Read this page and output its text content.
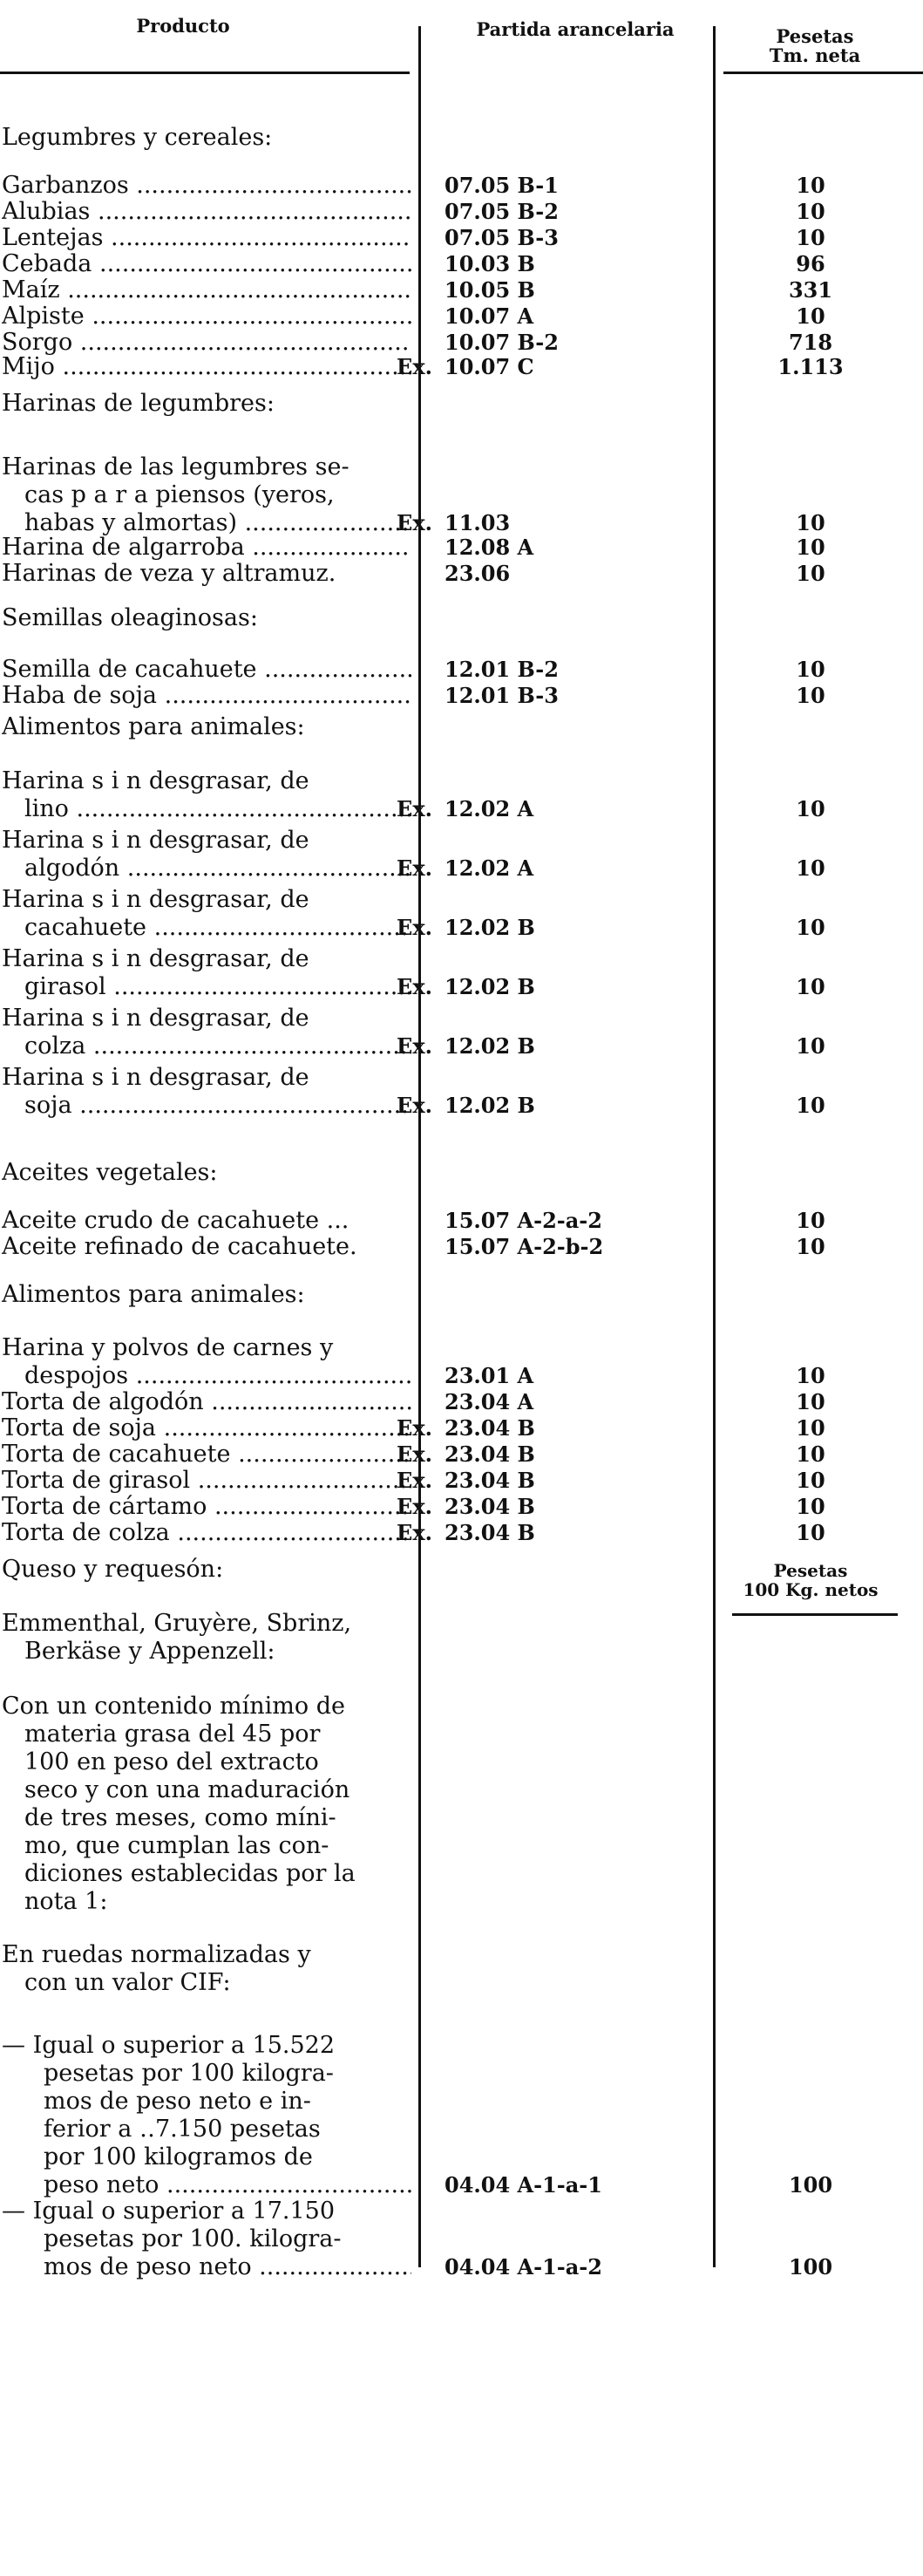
Producto	Partida arancelaria	Pesetas
Tm. neta
Legumbres y cereales:
Harinas de legumbres:
Semillas oleaginosas:
Alimentos para animales:
Aceites vegetales:
Alimentos para animales:
Queso y requesón:
Garbanzos .....	07.05 B-1	10
Alubias .....	07.05 B-2	10
Lentejas .....	07.05 B-3	10
Cebada .....	10.03 B	96
Maíz .....	10.05 B	331
Alpiste .....	10.07 A	10
Sorgo .....	10.07 B-2	718
Mijo .....	Ex. 10.07 C	1.113
Harinas de las legumbres se-
cas p a r a piensos (yeros,
habas y almortas) .....	Ex. 11.03	10
Harina de algarroba .....	12.08 A	10
Harinas de veza y altramuz.	23.06	10
Semilla de cacahuete .....	12.01 B-2	10
Haba de soja .....	12.01 B-3	10
Harina s i n desgrasar, de
lino .....	Ex. 12.02 A	10
Harina s i n desgrasar, de
algodón .....	Ex. 12.02 A	10
Harina s i n desgrasar, de
cacahuete .....	Ex. 12.02 B	10
Harina s i n desgrasar, de
girasol .....	Ex. 12.02 B	10
Harina s i n desgrasar, de
colza .....	Ex. 12.02 B	10
Harina s i n desgrasar, de
soja .....	Ex. 12.02 B	10
Aceite crudo de cacahuete ...	15.07 A-2-a-2	10
Aceite refinado de cacahuete.	15.07 A-2-b-2	10
Harina y polvos de carnes y
despojos .....	23.01 A	10
Torta de algodón .....	23.04 A	10
Torta de soja .....	Ex. 23.04 B	10
Torta de cacahuete .....	Ex. 23.04 B	10
Torta de girasol .....	Ex. 23.04 B	10
Torta de cártamo .....	Ex. 23.04 B	10
Torta de colza .....	Ex. 23.04 B	10
Emmenthal, Gruyère, Sbrinz,
Berkäse y Appenzell:
Con un contenido mínimo de
materia grasa del 45 por
100 en peso del extracto
seco y con una maduración
de tres meses, como míni-
mo, que cumplan las con-
diciones establecidas por la
nota 1:
En ruedas normalizadas y
con un valor CIF:
— Igual o superior a 15.522
pesetas por 100 kilogra-
mos de peso neto e in-
ferior a ‥7.150 pesetas
por 100 kilogramos de
peso neto .....	04.04 A-1-a-1	100
— Igual o superior a 17.150
pesetas por 100. kilogra-
mos de peso neto .....	04.04 A-1-a-2	100
Pesetas
100 Kg. netos
